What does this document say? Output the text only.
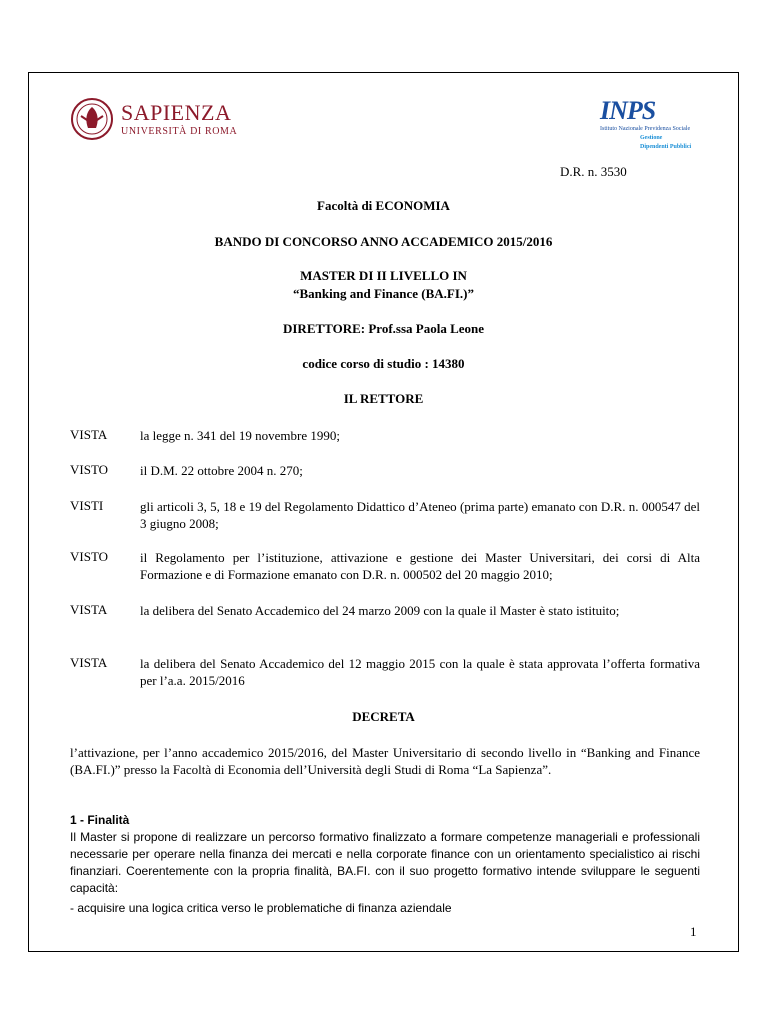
SAPIENZA
UNIVERSITÀ DI ROMA
INPS
Istituto Nazionale Previdenza Sociale
Gestione
Dipendenti Pubblici
D.R. n. 3530
Facoltà di ECONOMIA
BANDO DI CONCORSO ANNO ACCADEMICO 2015/2016
MASTER DI II LIVELLO IN
“Banking and Finance (BA.FI.)”
DIRETTORE: Prof.ssa Paola Leone
codice corso di studio : 14380
IL RETTORE
VISTA	la legge n. 341 del 19 novembre 1990;
VISTO il D.M. 22 ottobre 2004 n. 270;
VISTI	gli articoli 3, 5, 18 e 19 del Regolamento Didattico d’Ateneo (prima parte) emanato con D.R. n. 000547 del 3 giugno 2008;
VISTO il Regolamento per l’istituzione, attivazione e gestione dei Master Universitari, dei corsi di Alta Formazione e di Formazione emanato con D.R. n. 000502 del 20 maggio 2010;
VISTA	la delibera del Senato Accademico del 24 marzo 2009 con la quale il Master è stato istituito;
VISTA	la delibera del Senato Accademico del 12 maggio 2015 con la quale è stata approvata l’offerta formativa per l’a.a. 2015/2016
DECRETA
l’attivazione, per l’anno accademico 2015/2016, del Master Universitario di secondo livello in “Banking and Finance (BA.FI.)” presso la Facoltà di Economia dell’Università degli Studi di Roma “La Sapienza”.
1 - Finalità
Il Master si propone di realizzare un percorso formativo finalizzato a formare competenze manageriali e professionali necessarie per operare nella finanza dei mercati e nella corporate finance con un orientamento specialistico ai rischi finanziari. Coerentemente con la propria finalità, BA.FI. con il suo progetto formativo intende sviluppare le seguenti capacità:
- acquisire una logica critica verso le problematiche di finanza aziendale
1
